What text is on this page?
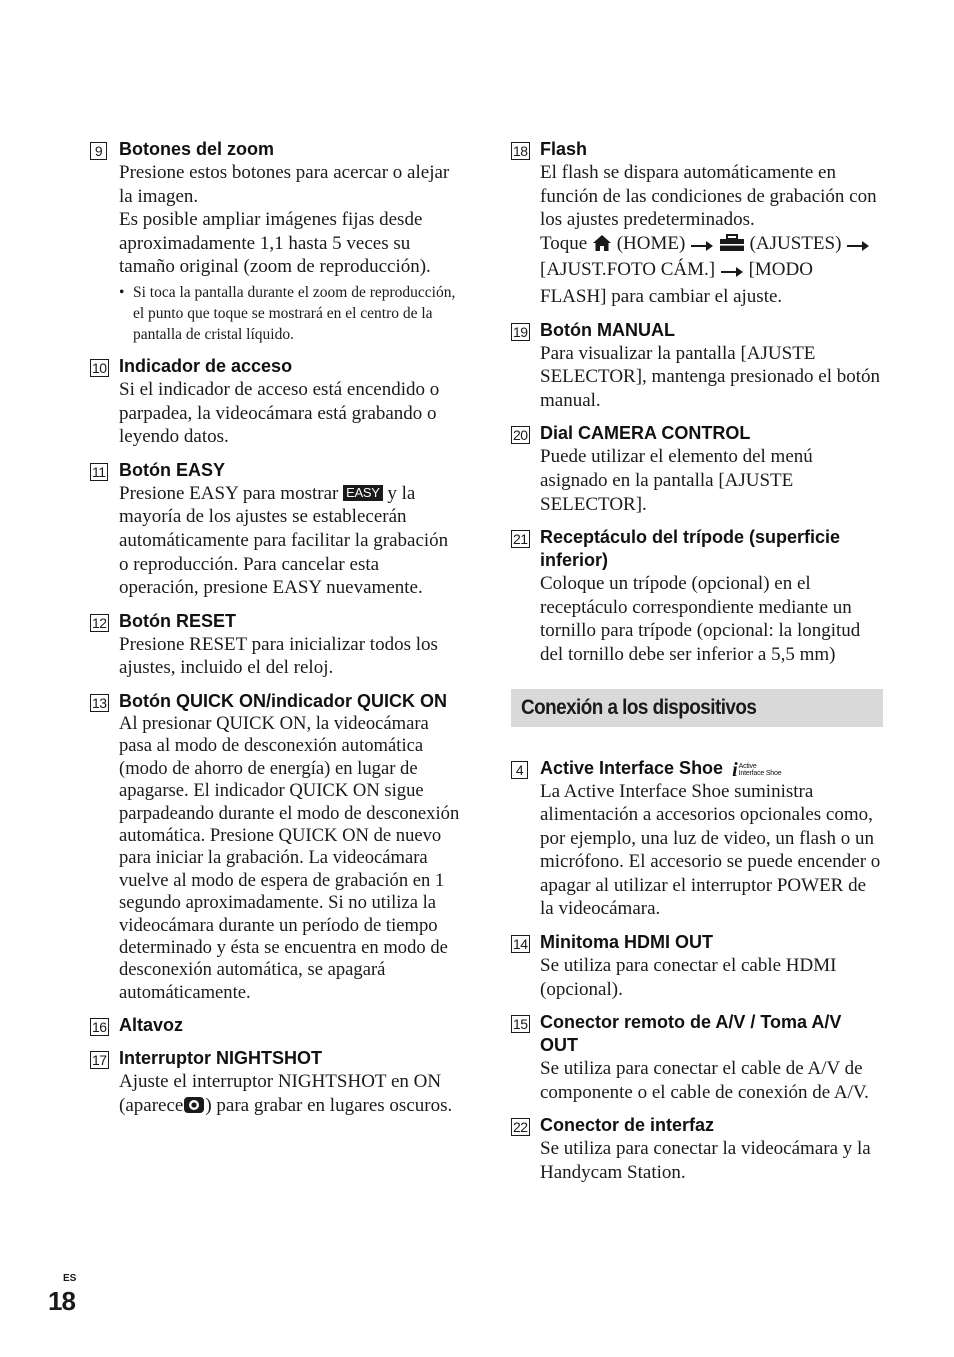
9 Botones del zoom

Presione estos botones para acercar o alejar la imagen.

Es posible ampliar imágenes fijas desde aproximadamente 1,1 hasta 5 veces su tamaño original (zoom de reproducción).

• Si toca la pantalla durante el zoom de reproducción, el punto que toque se mostrará en el centro de la pantalla de cristal líquido.
10 Indicador de acceso

Si el indicador de acceso está encendido o parpadea, la videocámara está grabando o leyendo datos.

11 Botón EASY

Presione EASY para mostrar EASY y la mayoría de los ajustes se establecerán automáticamente para facilitar la grabación o reproducción. Para cancelar esta operación, presione EASY nuevamente.

12 Botón RESET

Presione RESET para inicializar todos los ajustes, incluido el del reloj.

13 Botón QUICK ON/indicador QUICK ON

Al presionar QUICK ON, la videocámara pasa al modo de desconexión automática (modo de ahorro de energía) en lugar de apagarse. El indicador QUICK ON sigue parpadeando durante el modo de desconexión automática. Presione QUICK ON de nuevo para iniciar la grabación. La videocámara vuelve al modo de espera de grabación en 1 segundo aproximadamente. Si no utiliza la videocámara durante un período de tiempo determinado y ésta se encuentra en modo de desconexión automática, se apagará automáticamente.

16 Altavoz

17 Interruptor NIGHTSHOT

Ajuste el interruptor NIGHTSHOT en ON (aparece ) para grabar en lugares oscuros.

18 Flash

El flash se dispara automáticamente en función de las condiciones de grabación con los ajustes predeterminados.

Toque (HOME)	(AJUSTES)  [AJUST.FOTO CÁM.] [MODO FLASH] para cambiar el ajuste.

19 Botón MANUAL

Para visualizar la pantalla [AJUSTE SELECTOR], mantenga presionado el botón manual.

20 Dial CAMERA CONTROL

Puede utilizar el elemento del menú asignado en la pantalla [AJUSTE SELECTOR].

21 Receptáculo del trípode (superficie inferior)

Coloque un trípode (opcional) en el receptáculo correspondiente mediante un tornillo para trípode (opcional: la longitud del tornillo debe ser inferior a 5,5 mm)

Conexión a los dispositivos
4 Active Interface Shoe i Active
Interface Shoe

La Active Interface Shoe suministra alimentación a accesorios opcionales como, por ejemplo, una luz de video, un flash o un micrófono. El accesorio se puede encender o apagar al utilizar el interruptor POWER de la videocámara.

14 Minitoma HDMI OUT

Se utiliza para conectar el cable HDMI (opcional).

15 Conector remoto de A/V / Toma A/V OUT

Se utiliza para conectar el cable de A/V de componente o el cable de conexión de A/V.

22 Conector de interfaz

Se utiliza para conectar la videocámara y la Handycam Station.

ES
18
